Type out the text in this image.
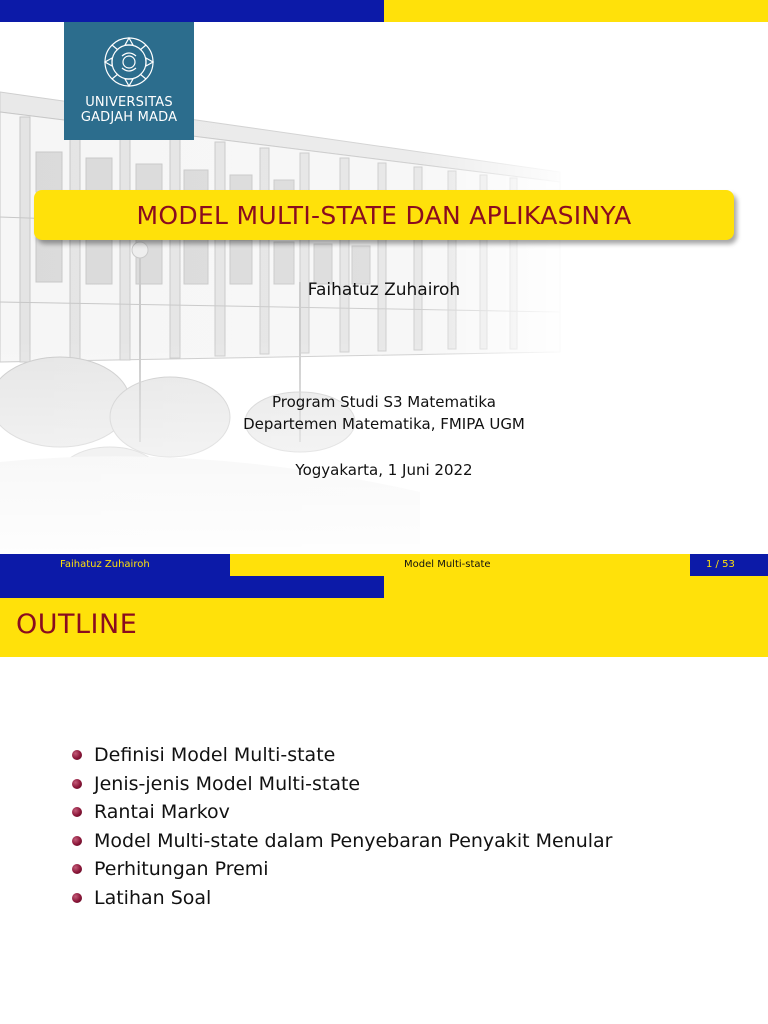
UNIVERSITAS
GADJAH MADA
MODEL MULTI-STATE DAN APLIKASINYA
Faihatuz Zuhairoh
Program Studi S3 Matematika
Departemen Matematika, FMIPA UGM
Yogyakarta, 1 Juni 2022
Faihatuz Zuhairoh	Model Multi-state	1 / 53
OUTLINE
Definisi Model Multi-state
Jenis-jenis Model Multi-state
Rantai Markov
Model Multi-state dalam Penyebaran Penyakit Menular
Perhitungan Premi
Latihan Soal
